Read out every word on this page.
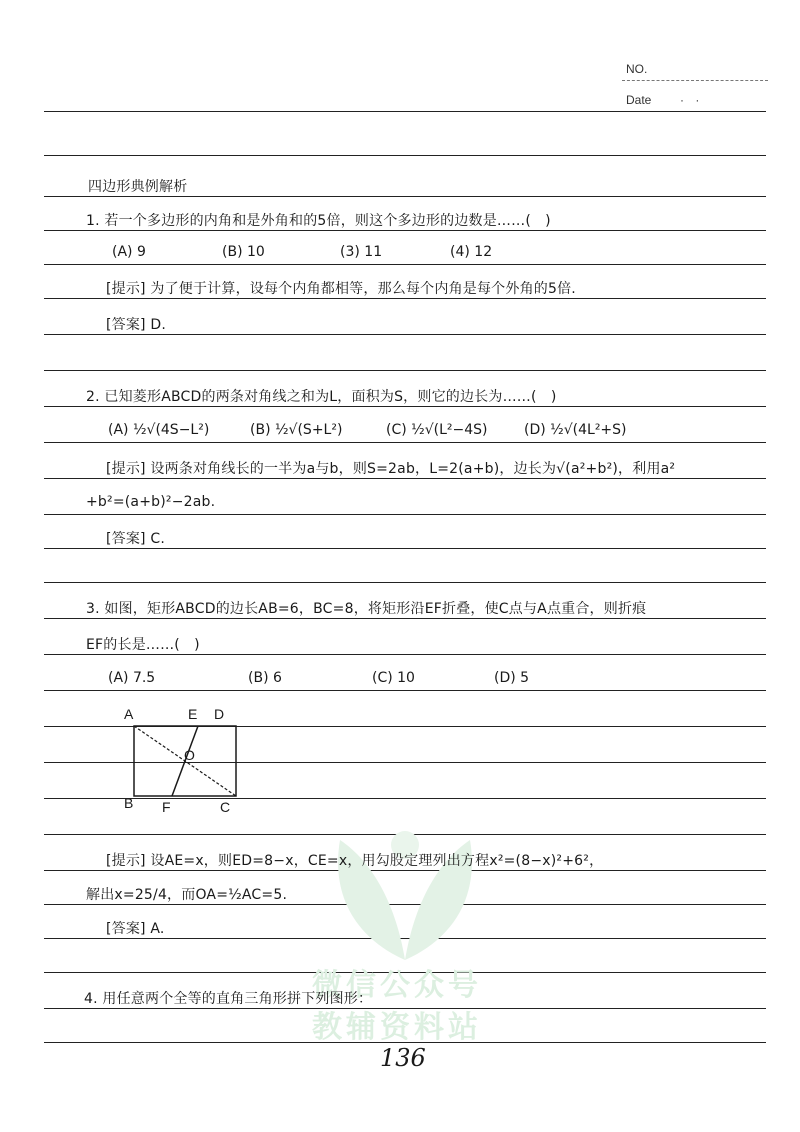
NO.
Date · ·
微信公众号
教辅资料站
四边形典例解析
1. 若一个多边形的内角和是外角和的5倍，则这个多边形的边数是……(　)
(A) 9	(B) 10	(3) 11	(4) 12
[提示] 为了便于计算，设每个内角都相等，那么每个内角是每个外角的5倍.
[答案] D.
2. 已知菱形ABCD的两条对角线之和为L，面积为S，则它的边长为……(　)
(A) ½√(4S−L²)	(B) ½√(S+L²)	(C) ½√(L²−4S)	(D) ½√(4L²+S)
[提示] 设两条对角线长的一半为a与b，则S=2ab，L=2(a+b)，边长为√(a²+b²)，利用a²
+b²=(a+b)²−2ab.
[答案] C.
3. 如图，矩形ABCD的边长AB=6，BC=8，将矩形沿EF折叠，使C点与A点重合，则折痕
EF的长是……(　)
(A) 7.5	(B) 6	(C) 10	(D) 5
A	E D
O
B F	C
[提示] 设AE=x，则ED=8−x，CE=x，用勾股定理列出方程x²=(8−x)²+6²，
解出x=25/4，而OA=½AC=5.
[答案] A.
4. 用任意两个全等的直角三角形拼下列图形：
136
